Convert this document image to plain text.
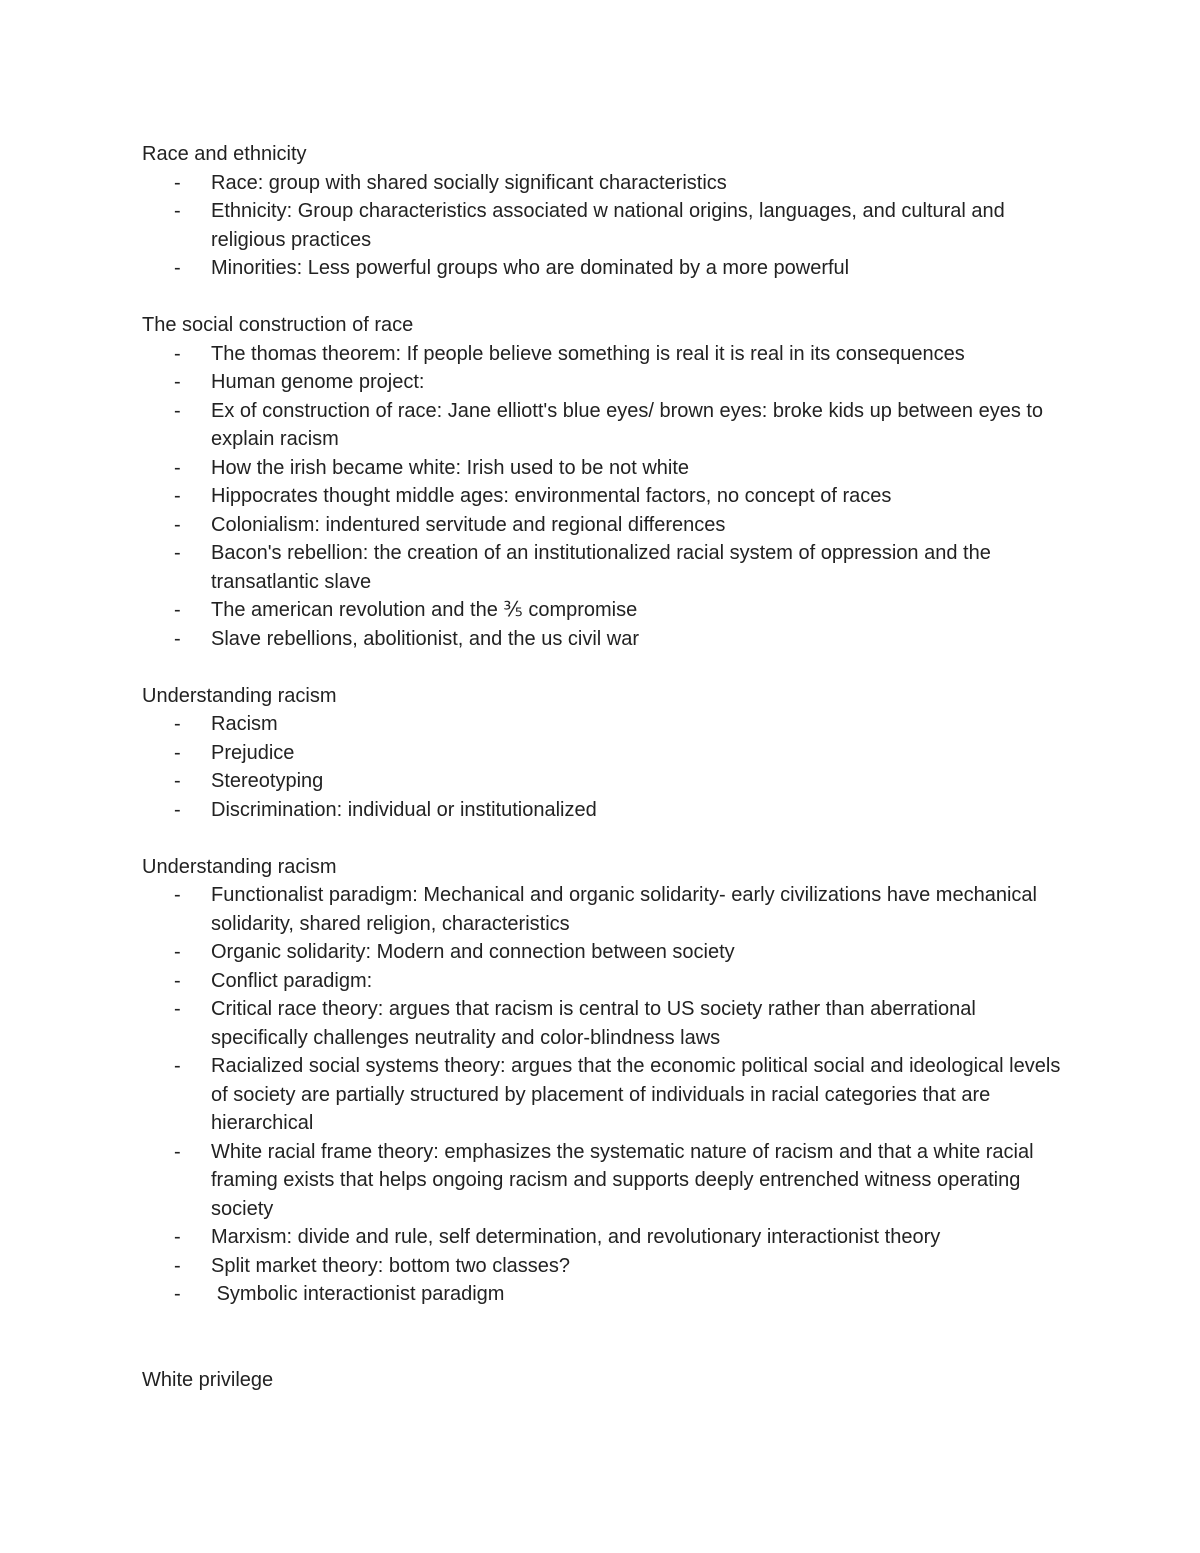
Race and ethnicity

- Race: group with shared socially significant characteristics
- Ethnicity: Group characteristics associated w national origins, languages, and cultural and religious practices
- Minorities: Less powerful groups who are dominated by a more powerful

The social construction of race

- The thomas theorem: If people believe something is real it is real in its consequences
- Human genome project:
- Ex of construction of race: Jane elliott's blue eyes/ brown eyes: broke kids up between eyes to explain racism
- How the irish became white: Irish used to be not white
- Hippocrates thought middle ages: environmental factors, no concept of races
- Colonialism: indentured servitude and regional differences
- Bacon's rebellion: the creation of an institutionalized racial system of oppression and the transatlantic slave
- The american revolution and the ⅗ compromise
- Slave rebellions, abolitionist, and the us civil war

Understanding racism

- Racism
- Prejudice
- Stereotyping
- Discrimination: individual or institutionalized

Understanding racism

- Functionalist paradigm: Mechanical and organic solidarity- early civilizations have mechanical solidarity, shared religion, characteristics
- Organic solidarity: Modern and connection between society
- Conflict paradigm:
- Critical race theory: argues that racism is central to US society rather than aberrational specifically challenges neutrality and color-blindness laws
- Racialized social systems theory: argues that the economic political social and ideological levels of society are partially structured by placement of individuals in racial categories that are hierarchical
- White racial frame theory: emphasizes the systematic nature of racism and that a white racial framing exists that helps ongoing racism and supports deeply entrenched witness operating society
- Marxism: divide and rule, self determination, and revolutionary interactionist theory
- Split market theory: bottom two classes?
- Symbolic interactionist paradigm

White privilege
